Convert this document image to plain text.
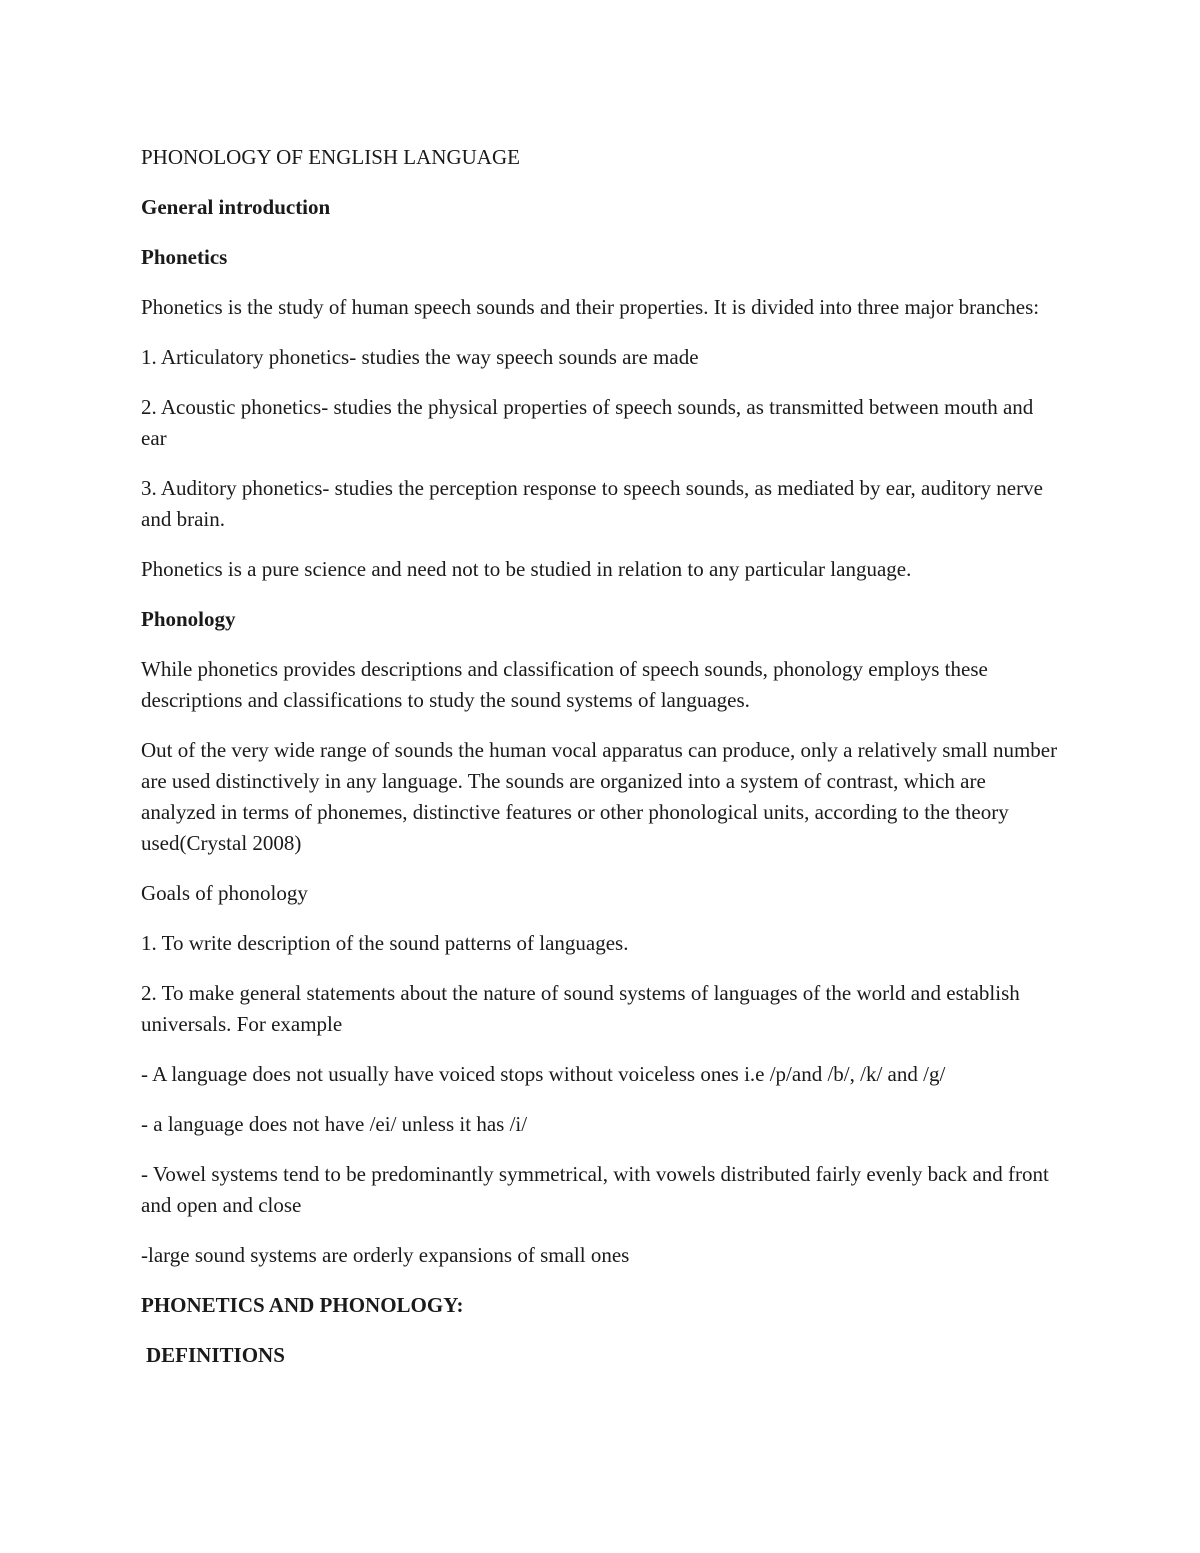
PHONOLOGY OF ENGLISH LANGUAGE

General introduction

Phonetics

Phonetics is the study of human speech sounds and their properties. It is divided into three major branches:

1. Articulatory phonetics- studies the way speech sounds are made

2. Acoustic phonetics- studies the physical properties of speech sounds, as transmitted between mouth and ear

3. Auditory phonetics- studies the perception response to speech sounds, as mediated by ear, auditory nerve and brain.

Phonetics is a pure science and need not to be studied in relation to any particular language.

Phonology

While phonetics provides descriptions and classification of speech sounds, phonology employs these descriptions and classifications to study the sound systems of languages.

Out of the very wide range of sounds the human vocal apparatus can produce, only a relatively small number are used distinctively in any language. The sounds are organized into a system of contrast, which are analyzed in terms of phonemes, distinctive features or other phonological units, according to the theory used(Crystal 2008)

Goals of phonology

1. To write description of the sound patterns of languages.

2. To make general statements about the nature of sound systems of languages of the world and establish universals. For example

- A language does not usually have voiced stops without voiceless ones i.e /p/and /b/, /k/ and /g/

- a language does not have /ei/ unless it has /i/

- Vowel systems tend to be predominantly symmetrical, with vowels distributed fairly evenly back and front and open and close

-large sound systems are orderly expansions of small ones

PHONETICS AND PHONOLOGY:

DEFINITIONS
